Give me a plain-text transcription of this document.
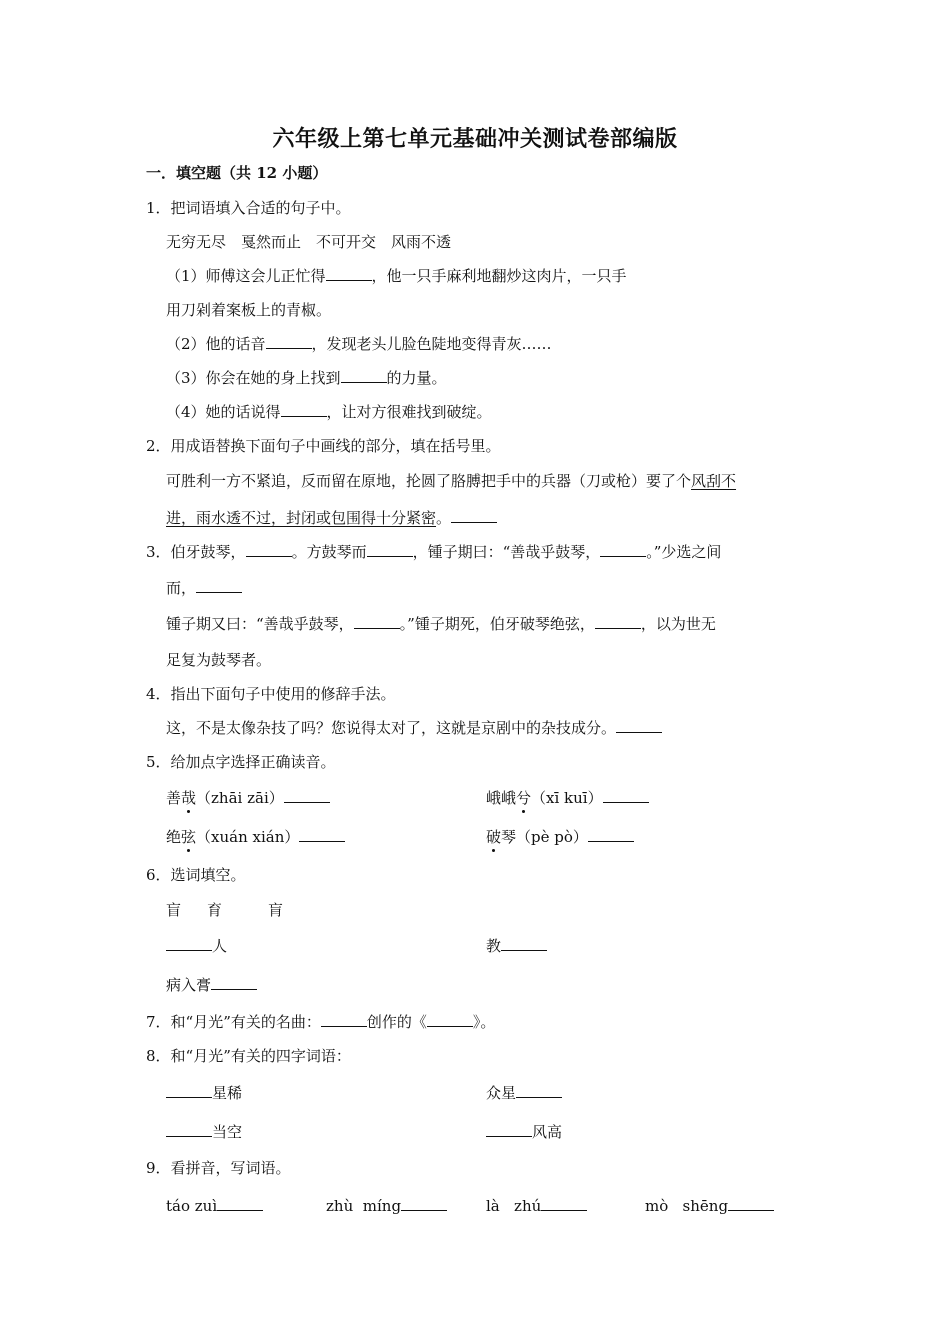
六年级上第七单元基础冲关测试卷部编版
一．填空题（共 12 小题）
1．把词语填入合适的句子中。
无穷无尽　戛然而止　不可开交　风雨不透
（1）师傅这会儿正忙得	，他一只手麻利地翻炒这肉片，一只手
用刀剁着案板上的青椒。
（2）他的话音	，发现老头儿脸色陡地变得青灰……
（3）你会在她的身上找到	的力量。
（4）她的话说得	，让对方很难找到破绽。
2．用成语替换下面句子中画线的部分，填在括号里。
可胜利一方不紧追，反而留在原地，抡圆了胳膊把手中的兵器（刀或枪）要了个风刮不
进，雨水透不过，封闭或包围得十分紧密。
3．伯牙鼓琴，	。方鼓琴而	，锺子期曰：“善哉乎鼓琴，	。”少选之间
而，
锺子期又曰：“善哉乎鼓琴，	。”锺子期死，伯牙破琴绝弦，	，以为世无
足复为鼓琴者。
4．指出下面句子中使用的修辞手法。
这，不是太像杂技了吗？您说得太对了，这就是京剧中的杂技成分。
5．给加点字选择正确读音。
善哉（zhāi zāi）	峨峨兮（xī kuī）
绝弦（xuán xián）	破琴（pè pò）
6．选词填空。
盲 育	肓
人	教
病入膏
7．和“月光”有关的名曲：	创作的《	》。
8．和“月光”有关的四字词语：
星稀	众星
当空	风高
9．看拼音，写词语。
táo zuì	zhù  míng	là   zhú	mò   shēng
